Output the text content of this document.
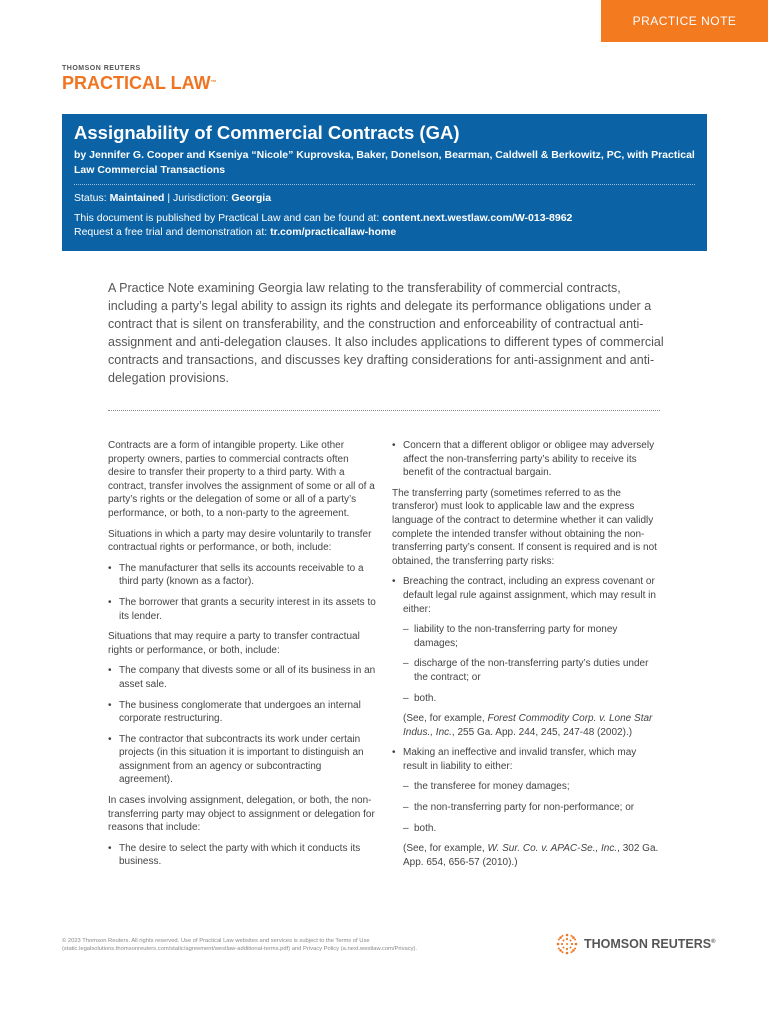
PRACTICE NOTE
THOMSON REUTERS
PRACTICAL LAW™
Assignability of Commercial Contracts (GA)
by Jennifer G. Cooper and Kseniya “Nicole” Kuprovska, Baker, Donelson, Bearman, Caldwell & Berkowitz, PC, with Practical Law Commercial Transactions
Status: Maintained | Jurisdiction: Georgia
This document is published by Practical Law and can be found at: content.next.westlaw.com/W-013-8962
Request a free trial and demonstration at: tr.com/practicallaw-home
A Practice Note examining Georgia law relating to the transferability of commercial contracts, including a party’s legal ability to assign its rights and delegate its performance obligations under a contract that is silent on transferability, and the construction and enforceability of contractual anti-assignment and anti-delegation clauses. It also includes applications to different types of commercial contracts and transactions, and discusses key drafting considerations for anti-assignment and anti-delegation provisions.

Contracts are a form of intangible property. Like other property owners, parties to commercial contracts often desire to transfer their property to a third party. With a contract, transfer involves the assignment of some or all of a party’s rights or the delegation of some or all of a party’s performance, or both, to a non-party to the agreement.

Situations in which a party may desire voluntarily to transfer contractual rights or performance, or both, include:

• The manufacturer that sells its accounts receivable to a third party (known as a factor).
• The borrower that grants a security interest in its assets to its lender.

Situations that may require a party to transfer contractual rights or performance, or both, include:

• The company that divests some or all of its business in an asset sale.
• The business conglomerate that undergoes an internal corporate restructuring.
• The contractor that subcontracts its work under certain projects (in this situation it is important to distinguish an assignment from an agency or subcontracting agreement).

In cases involving assignment, delegation, or both, the non-transferring party may object to assignment or delegation for reasons that include:

• The desire to select the party with which it conducts its business.
• Concern that a different obligor or obligee may adversely affect the non-transferring party’s ability to receive its benefit of the contractual bargain.

The transferring party (sometimes referred to as the transferor) must look to applicable law and the express language of the contract to determine whether it can validly complete the intended transfer without obtaining the non-transferring party’s consent. If consent is required and is not obtained, the transferring party risks:

• Breaching the contract, including an express covenant or default legal rule against assignment, which may result in either:
– liability to the non-transferring party for money damages;
– discharge of the non-transferring party’s duties under the contract; or
– both.

(See, for example, Forest Commodity Corp. v. Lone Star Indus., Inc., 255 Ga. App. 244, 245, 247-48 (2002).)

• Making an ineffective and invalid transfer, which may result in liability to either:
– the transferee for money damages;
– the non-transferring party for non-performance; or
– both.

(See, for example, W. Sur. Co. v. APAC-Se., Inc., 302 Ga. App. 654, 656-57 (2010).)

© 2023 Thomson Reuters. All rights reserved. Use of Practical Law websites and services is subject to the Terms of Use (static.legalsolutions.thomsonreuters.com/static/agreement/westlaw-additional-terms.pdf) and Privacy Policy (a.next.westlaw.com/Privacy).	THOMSON REUTERS®
